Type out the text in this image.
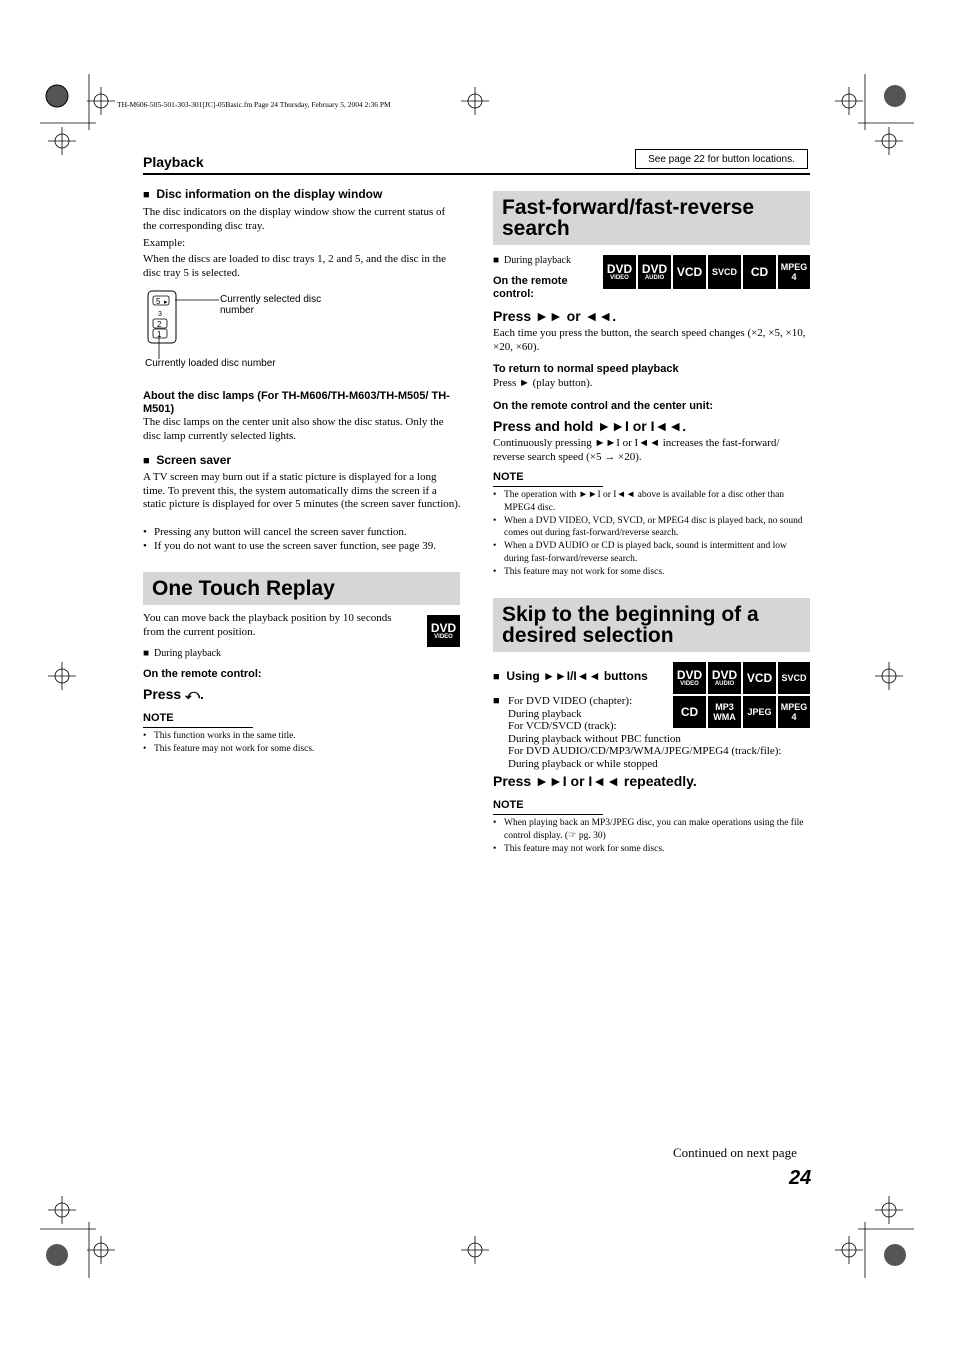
TH-M606-505-501-303-301[JC]-05Basic.fm Page 24 Thursday, February 5, 2004 2:36 PM
Playback	See page 22 for button locations.
■ Disc information on the display window
The disc indicators on the display window show the current status of the corresponding disc tray.
Example:
When the discs are loaded to disc trays 1, 2 and 5, and the disc in the disc tray 5 is selected.
5 ▸
3
2
1
Currently selected disc number
Currently loaded disc number
About the disc lamps (For TH-M606/TH-M603/TH-M505/ TH-M501)
The disc lamps on the center unit also show the disc status. Only the disc lamp currently selected lights.
■ Screen saver
A TV screen may burn out if a static picture is displayed for a long time. To prevent this, the system automatically dims the screen if a static picture is displayed for over 5 minutes (the screen saver function).
• Pressing any button will cancel the screen saver function.
• If you do not want to use the screen saver function, see page 39.
One Touch Replay
You can move back the playback position by 10 seconds from the current position.	DVD
VIDEO
■ During playback
On the remote control:
Press ⤺.
NOTE
• This function works in the same title.
• This feature may not work for some discs.
Fast-forward/fast-reverse search
■ During playback
On the remote control:
DVD
VIDEO
DVD
AUDIO VCD SVCD CD MPEG
4
Press ►► or ◄◄.
Each time you press the button, the search speed changes (×2, ×5, ×10, ×20, ×60).
To return to normal speed playback
Press ► (play button).
On the remote control and the center unit:
Press and hold ►►I or I◄◄.
Continuously pressing ►►I or I◄◄ increases the fast-forward/ reverse search speed (×5 → ×20).
NOTE
• The operation with ►►I or I◄◄ above is available for a disc other than MPEG4 disc.
• When a DVD VIDEO, VCD, SVCD, or MPEG4 disc is played back, no sound comes out during fast-forward/reverse search.
• When a DVD AUDIO or CD is played back, sound is intermittent and low during fast-forward/reverse search.
• This feature may not work for some discs.
Skip to the beginning of a desired selection
■ Using ►►I/I◄◄ buttons DVD
VIDEO
DVD
AUDIO VCD SVCD
CD MP3
WMA JPEG MPEG
4
■ For DVD VIDEO (chapter):
During playback
For VCD/SVCD (track):
During playback without PBC function
For DVD AUDIO/CD/MP3/WMA/JPEG/MPEG4 (track/file):
During playback or while stopped
Press ►►I or I◄◄ repeatedly.
NOTE
• When playing back an MP3/JPEG disc, you can make operations using the file control display. (☞ pg. 30)
• This feature may not work for some discs.
Continued on next page
24
